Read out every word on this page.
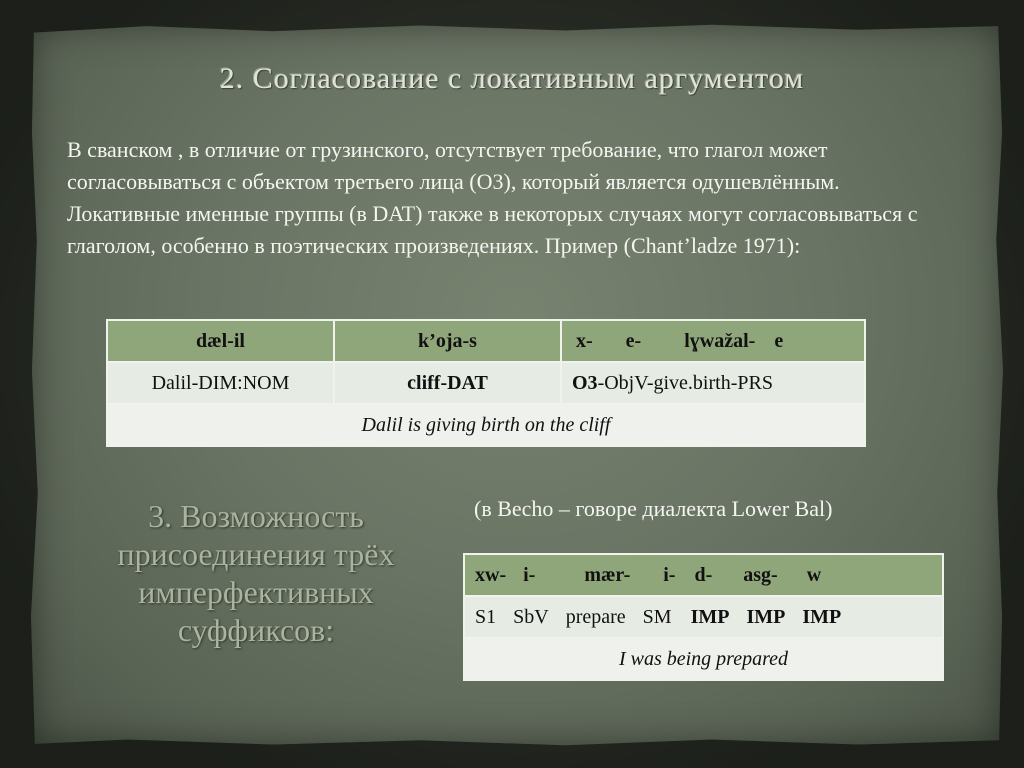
2. Согласование с локативным аргументом
В сванском , в отличие от грузинского, отсутствует требование, что глагол может согласовываться с объектом третьего лица (O3), который является одушевлённым. Локативные именные группы (в DAT) также в некоторых случаях могут согласовываться с глаголом, особенно в поэтических произведениях. Пример (Chant’ladze 1971):
dæl-il	k’oja-s	x- e- lɣwažal- e
Dalil-DIM:NOM	cliff-DAT	O3-ObjV-give.birth-PRS
Dalil is giving birth on the cliff		
3. Возможность
присоединения трёх
имперфективных
суффиксов:
(в Becho – говоре диалекта Lower Bal)
xw- i- mær- i- d- asg- w
S1 SbV prepare SM IMP IMP IMP
I was being prepared
